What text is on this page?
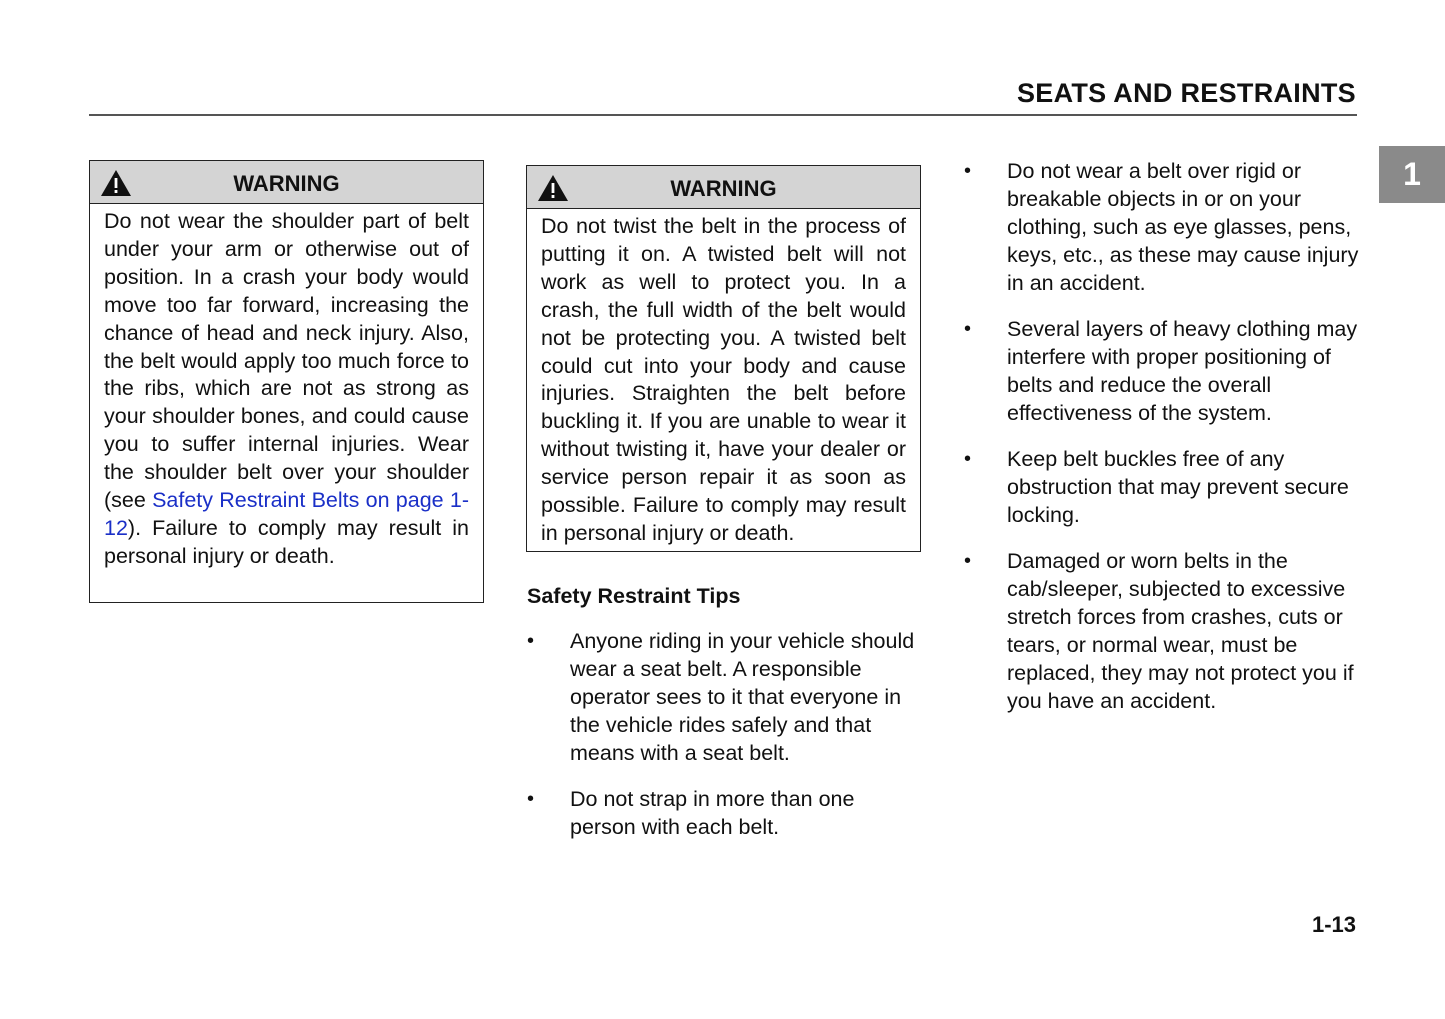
SEATS AND RESTRAINTS
1
WARNING
Do not wear the shoulder part of belt under your arm or otherwise out of position. In a crash your body would move too far forward, increasing the chance of head and neck injury. Also, the belt would apply too much force to the ribs, which are not as strong as your shoulder bones, and could cause you to suffer internal injuries. Wear the shoulder belt over your shoulder (see Safety Restraint Belts on page 1-12). Failure to comply may result in personal injury or death.
WARNING
Do not twist the belt in the process of putting it on. A twisted belt will not work as well to protect you. In a crash, the full width of the belt would not be protecting you. A twisted belt could cut into your body and cause injuries. Straighten the belt before buckling it. If you are unable to wear it without twisting it, have your dealer or service person repair it as soon as possible. Failure to comply may result in personal injury or death.
Safety Restraint Tips
• Anyone riding in your vehicle should wear a seat belt. A responsible operator sees to it that everyone in the vehicle rides safely and that means with a seat belt.
• Do not strap in more than one person with each belt.
• Do not wear a belt over rigid or breakable objects in or on your clothing, such as eye glasses, pens, keys, etc., as these may cause injury in an accident.
• Several layers of heavy clothing may interfere with proper positioning of belts and reduce the overall effectiveness of the system.
• Keep belt buckles free of any obstruction that may prevent secure locking.
• Damaged or worn belts in the cab/sleeper, subjected to excessive stretch forces from crashes, cuts or tears, or normal wear, must be replaced, they may not protect you if you have an accident.
1-13
